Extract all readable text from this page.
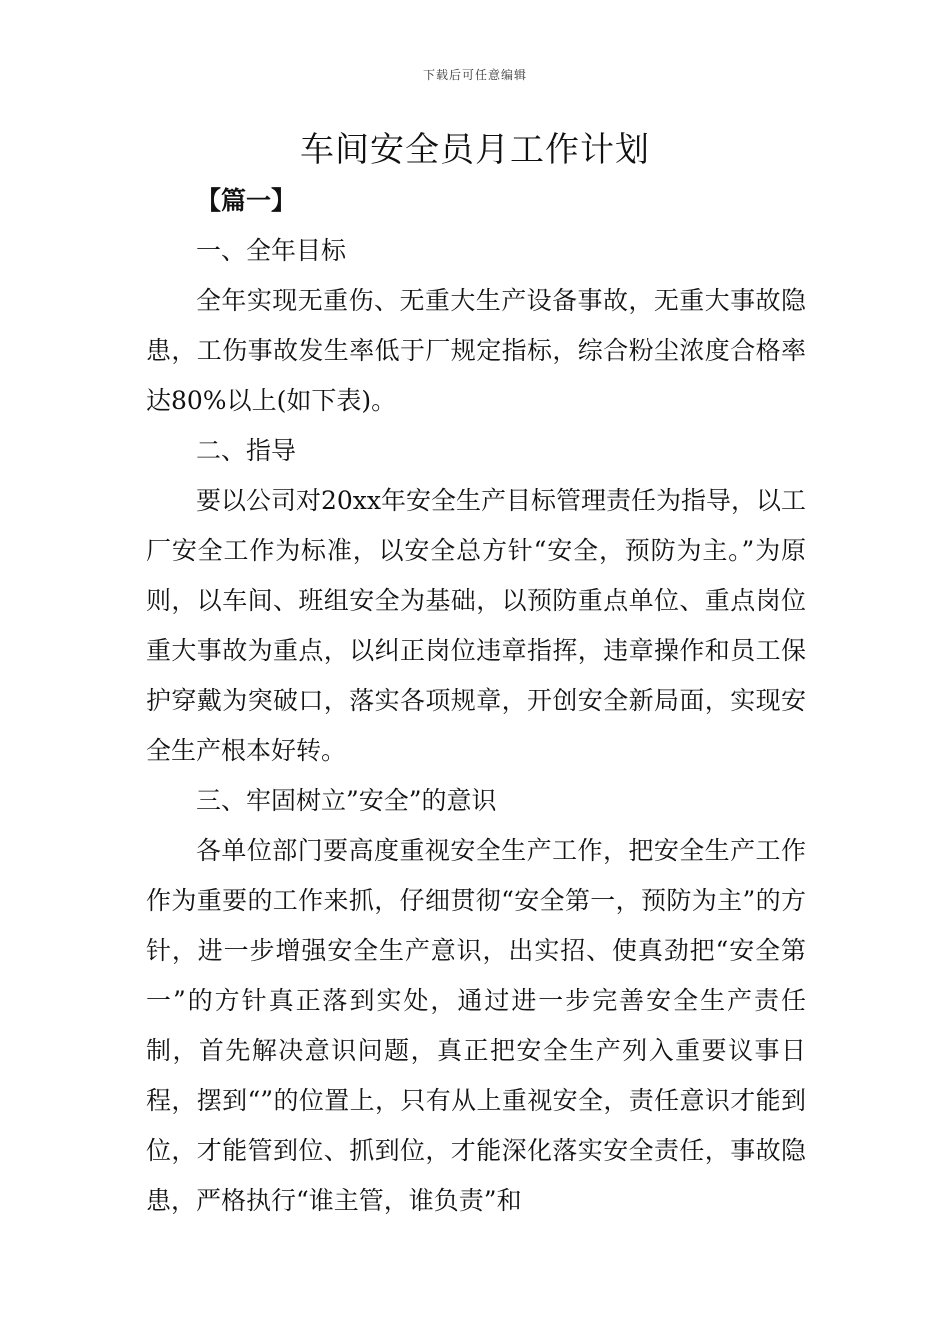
下载后可任意编辑
车间安全员月工作计划

【篇一】

一、全年目标

全年实现无重伤、无重大生产设备事故，无重大事故隐患，工伤事故发生率低于厂规定指标，综合粉尘浓度合格率达80%以上(如下表)。

二、指导

要以公司对20xx年安全生产目标管理责任为指导，以工厂安全工作为标准，以安全总方针“安全，预防为主。”为原则，以车间、班组安全为基础，以预防重点单位、重点岗位重大事故为重点，以纠正岗位违章指挥，违章操作和员工保护穿戴为突破口，落实各项规章，开创安全新局面，实现安全生产根本好转。

三、牢固树立”安全”的意识

各单位部门要高度重视安全生产工作，把安全生产工作作为重要的工作来抓，仔细贯彻“安全第一，预防为主”的方针，进一步增强安全生产意识，出实招、使真劲把“安全第一”的方针真正落到实处，通过进一步完善安全生产责任制，首先解决意识问题，真正把安全生产列入重要议事日程，摆到“”的位置上，只有从上重视安全，责任意识才能到位，才能管到位、抓到位，才能深化落实安全责任，事故隐患，严格执行“谁主管，谁负责”和
